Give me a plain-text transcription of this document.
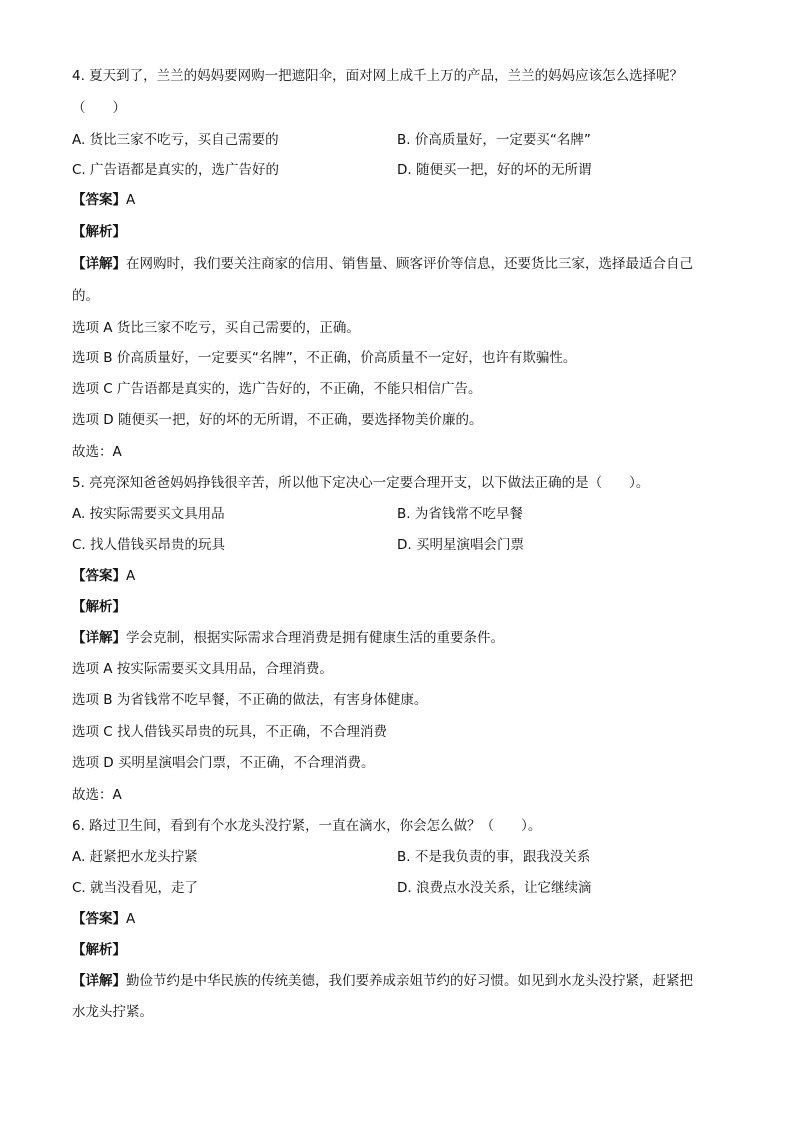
4. 夏天到了，兰兰的妈妈要网购一把遮阳伞，面对网上成千上万的产品，兰兰的妈妈应该怎么选择呢？
（　　）
A. 货比三家不吃亏，买自己需要的	B. 价高质量好，一定要买“名牌”
C. 广告语都是真实的，选广告好的	D. 随便买一把，好的坏的无所谓
【答案】A
【解析】
【详解】在网购时，我们要关注商家的信用、销售量、顾客评价等信息，还要货比三家，选择最适合自己
的。
选项 A 货比三家不吃亏，买自己需要的，正确。
选项 B 价高质量好，一定要买“名牌”，不正确，价高质量不一定好，也许有欺骗性。
选项 C 广告语都是真实的，选广告好的，不正确，不能只相信广告。
选项 D 随便买一把，好的坏的无所谓，不正确，要选择物美价廉的。
故选：A
5. 亮亮深知爸爸妈妈挣钱很辛苦，所以他下定决心一定要合理开支，以下做法正确的是（　　）。
A. 按实际需要买文具用品	B. 为省钱常不吃早餐
C. 找人借钱买昂贵的玩具	D. 买明星演唱会门票
【答案】A
【解析】
【详解】学会克制，根据实际需求合理消费是拥有健康生活的重要条件。
选项 A 按实际需要买文具用品，合理消费。
选项 B 为省钱常不吃早餐，不正确的做法，有害身体健康。
选项 C 找人借钱买昂贵的玩具，不正确，不合理消费
选项 D 买明星演唱会门票，不正确，不合理消费。
故选：A
6. 路过卫生间，看到有个水龙头没拧紧，一直在滴水，你会怎么做？（　　）。
A. 赶紧把水龙头拧紧	B. 不是我负责的事，跟我没关系
C. 就当没看见，走了	D. 浪费点水没关系，让它继续滴
【答案】A
【解析】
【详解】勤俭节约是中华民族的传统美德，我们要养成亲姐节约的好习惯。如见到水龙头没拧紧，赶紧把
水龙头拧紧。
